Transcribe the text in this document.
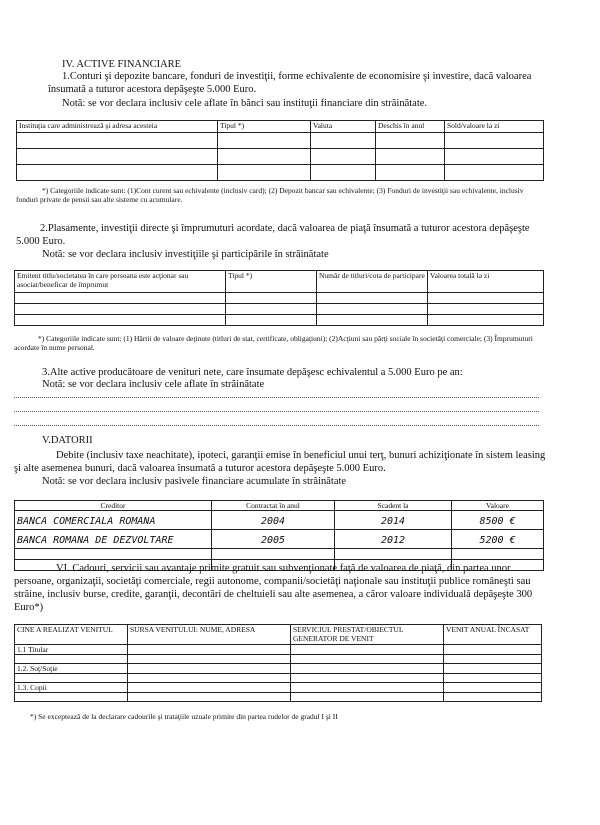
IV. ACTIVE FINANCIARE
1.Conturi şi depozite bancare, fonduri de investiţii, forme echivalente de economisire şi investire, dacă valoarea însumată a tuturor acestora depăşeşte 5.000 Euro.
Notă: se vor declara inclusiv cele aflate în bănci sau instituţii financiare din străinătate.
Instituţia care administrează şi adresa acesteia	Tipul *)	Valuta	Deschis în anul	Sold/valoare la zi

*) Categoriile indicate sunt: (1)Cont curent sau echivalente (inclusiv card); (2) Depozit bancar sau echivalente; (3) Fonduri de investiţii sau echivalente, inclusiv fonduri private de pensii sau alte sisteme cu acumulare.
2.Plasamente, investiţii directe şi împrumuturi acordate, dacă valoarea de piaţă însumată a tuturor acestora depăşeşte 5.000 Euro.
Notă: se vor declara inclusiv investiţiile şi participările în străinătate
Emitent titlu/societatea în care persoana este acţionar sau asociat/beneficar de împrumut	Tipul *)	Număr de titluri/cota de participare	Valoarea totală la zi

*) Categoriile indicate sunt: (1) Hârtii de valoare deţinute (titluri de stat, certificate, obligaţiuni); (2)Acţiuni sau părţi sociale în societăţi comerciale; (3) Împrumuturi acordate în nume personal.
3.Alte active producătoare de venituri nete, care însumate depăşesc echivalentul a 5.000 Euro pe an:
Notă: se vor declara inclusiv cele aflate în străinătate
V.DATORII
Debite (inclusiv taxe neachitate), ipoteci, garanţii emise în beneficiul unui terţ, bunuri achiziţionate în sistem leasing şi alte asemenea bunuri, dacă valoarea însumată a tuturor acestora depăşeşte 5.000 Euro.
Notă: se vor declara inclusiv pasivele financiare acumulate în străinătate
Creditor	Contractat în anul	Scadent la	Valoare
BANCA COMERCIALA ROMANA	2004	2014	8500 €
BANCA ROMANA DE DEZVOLTARE	2005	2012	5200 €

VI. Cadouri, servicii sau avantaje primite gratuit sau subvenţionate faţă de valoarea de piaţă, din partea unor persoane, organizaţii, societăţi comerciale, regii autonome, companii/societăţi naţionale sau instituţii publice româneşti sau străine, inclusiv burse, credite, garanţii, decontări de cheltuieli sau alte asemenea, a căror valoare individuală depăşeşte 300 Euro*)
CINE A REALIZAT VENITUL	SURSA VENITULUI: NUME, ADRESA	SERVICIUL PRESTAT/OBIECTUL GENERATOR DE VENIT	VENIT ANUAL ÎNCASAT
1.1 Titular			

1.2. Soţ/Soţie			

1.3. Copii			

*) Se exceptează de la declarare cadourile şi trataţiile uzuale primite din partea rudelor de gradul I şi II
